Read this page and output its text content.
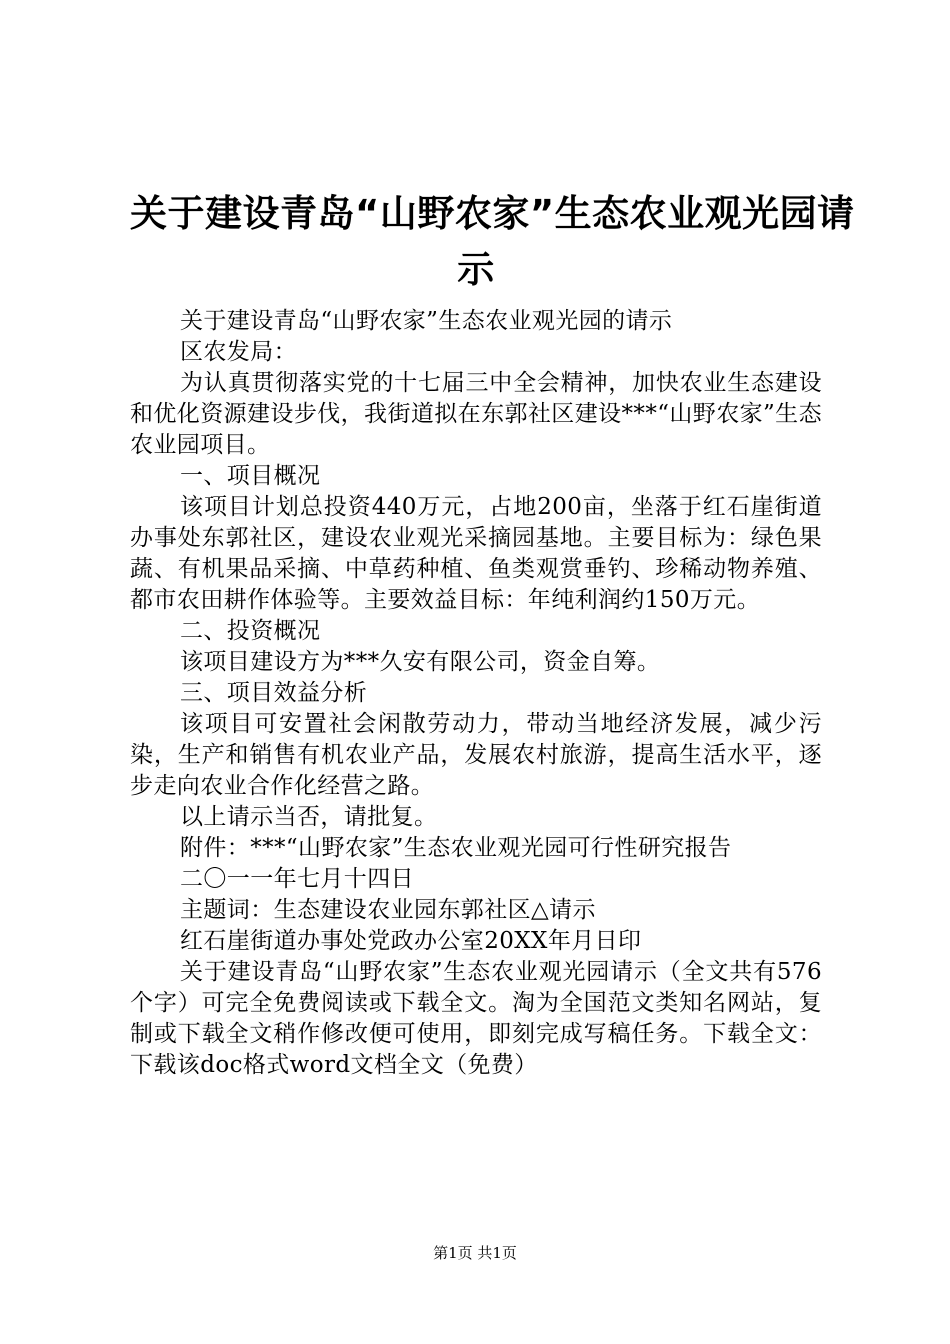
关于建设青岛“山野农家”生态农业观光园请
示

关于建设青岛“山野农家”生态农业观光园的请示

区农发局：

为认真贯彻落实党的十七届三中全会精神，加快农业生态建设和优化资源建设步伐，我街道拟在东郭社区建设***“山野农家”生态农业园项目。

一、项目概况

该项目计划总投资440万元，占地200亩，坐落于红石崖街道办事处东郭社区，建设农业观光采摘园基地。主要目标为：绿色果蔬、有机果品采摘、中草药种植、鱼类观赏垂钓、珍稀动物养殖、都市农田耕作体验等。主要效益目标：年纯利润约150万元。

二、投资概况

该项目建设方为***久安有限公司，资金自筹。

三、项目效益分析

该项目可安置社会闲散劳动力，带动当地经济发展，减少污染，生产和销售有机农业产品，发展农村旅游，提高生活水平，逐步走向农业合作化经营之路。

以上请示当否，请批复。

附件：***“山野农家”生态农业观光园可行性研究报告

二〇一一年七月十四日

主题词：生态建设农业园东郭社区△请示

红石崖街道办事处党政办公室20XX年月日印

关于建设青岛“山野农家”生态农业观光园请示（全文共有576个字）可完全免费阅读或下载全文。淘为全国范文类知名网站，复制或下载全文稍作修改便可使用，即刻完成写稿任务。下载全文：下载该doc格式word文档全文（免费）

第1页 共1页
